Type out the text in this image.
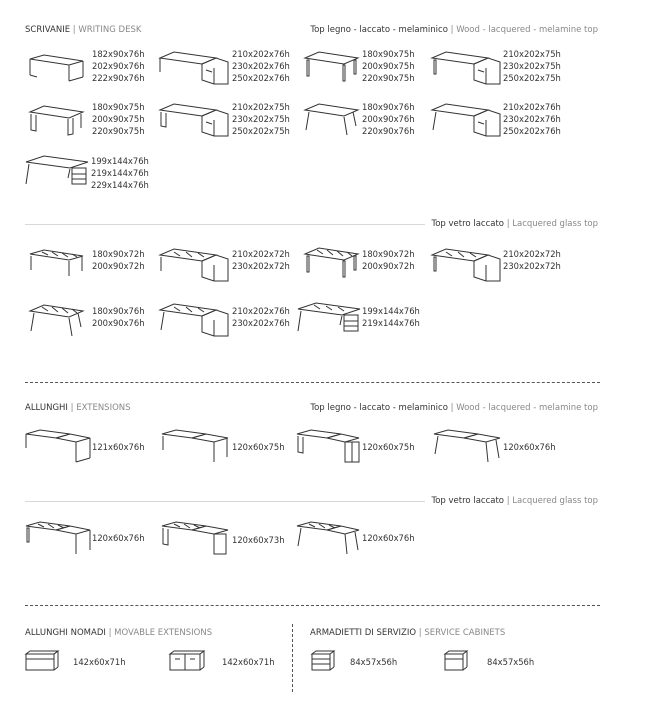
SCRIVANIE | WRITING DESK	Top legno - laccato - melaminico | Wood - lacquered - melamine top
182x90x76h
202x90x76h
222x90x76h
210x202x76h
230x202x76h
250x202x76h
180x90x75h
200x90x75h
220x90x75h
210x202x75h
230x202x75h
250x202x75h
180x90x75h
200x90x75h
220x90x75h
210x202x75h
230x202x75h
250x202x75h
180x90x76h
200x90x76h
220x90x76h
210x202x76h
230x202x76h
250x202x76h
199x144x76h
219x144x76h
229x144x76h
Top vetro laccato | Lacquered glass top
180x90x72h
200x90x72h
210x202x72h
230x202x72h
180x90x72h
200x90x72h
210x202x72h
230x202x72h
180x90x76h
200x90x76h
210x202x76h
230x202x76h
199x144x76h
219x144x76h
ALLUNGHI | EXTENSIONS	Top legno - laccato - melaminico | Wood - lacquered - melamine top
121x60x76h	120x60x75h	120x60x75h	120x60x76h
Top vetro laccato | Lacquered glass top
120x60x76h	120x60x73h	120x60x76h
ALLUNGHI NOMADI | MOVABLE EXTENSIONS
142x60x71h	142x60x71h
ARMADIETTI DI SERVIZIO | SERVICE CABINETS
84x57x56h	84x57x56h
